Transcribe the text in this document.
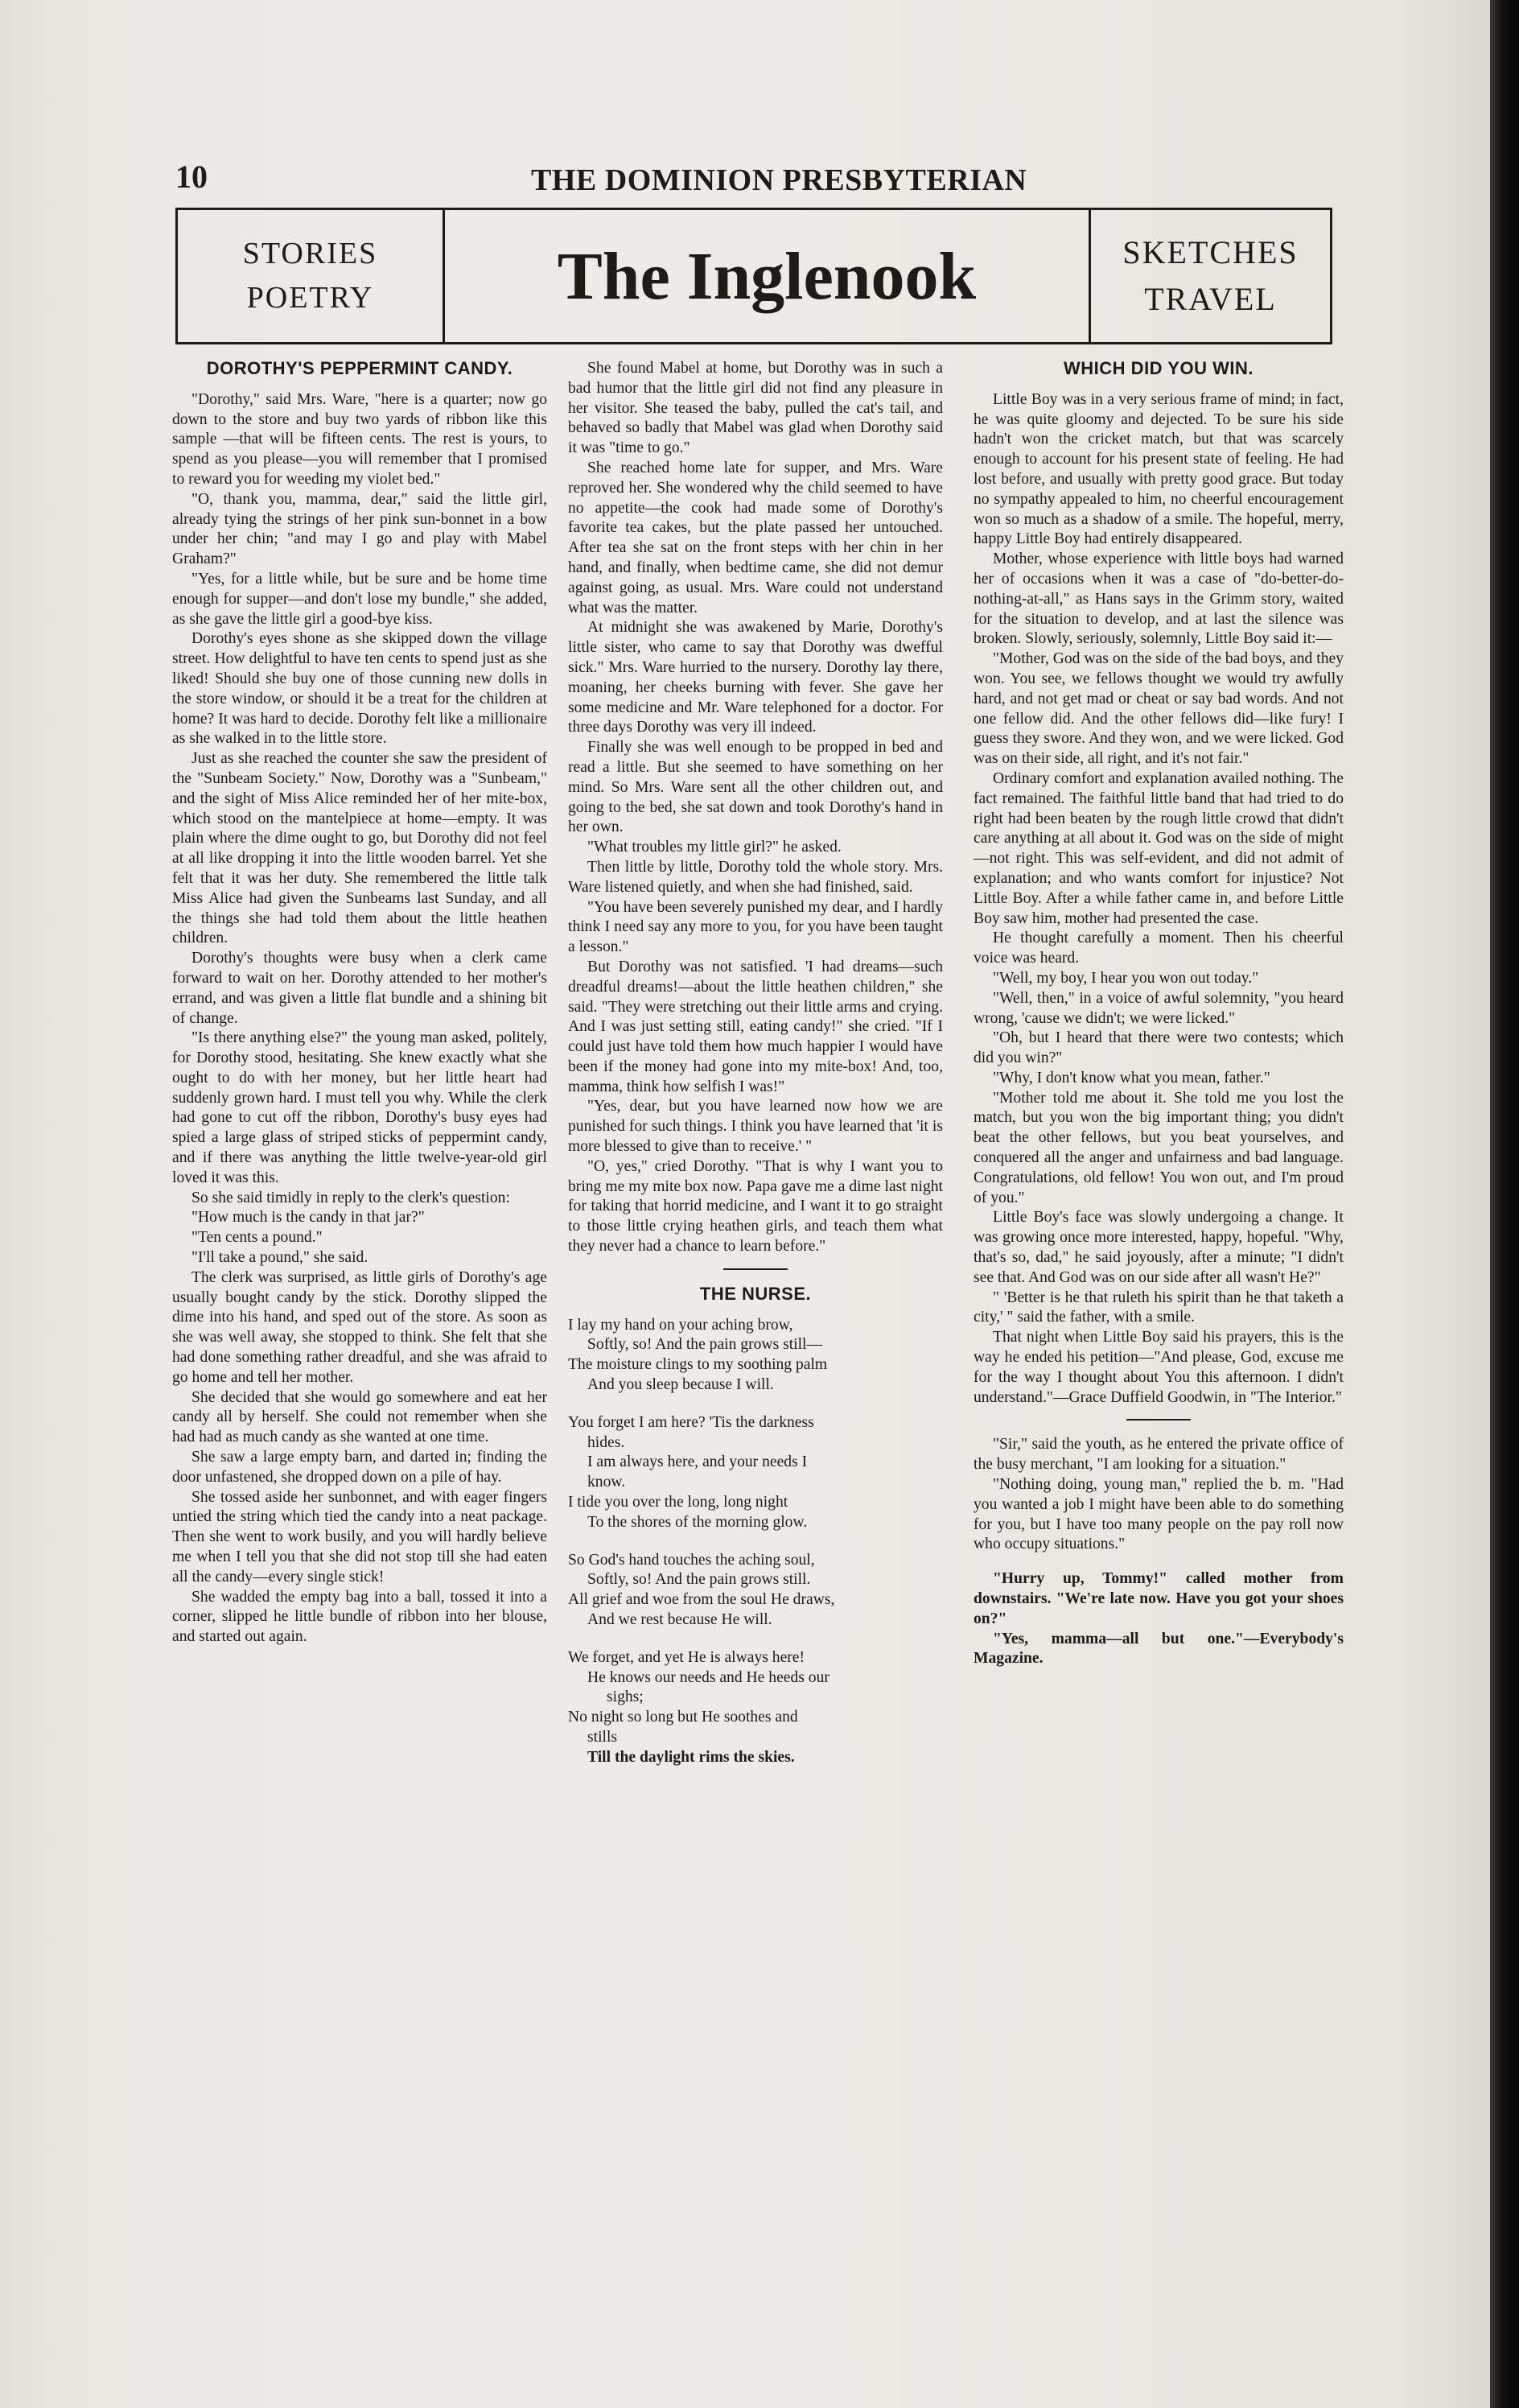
10	THE DOMINION PRESBYTERIAN
STORIES
POETRY	The Inglenook	SKETCHES
TRAVEL
DOROTHY'S PEPPERMINT CANDY.

"Dorothy," said Mrs. Ware, "here is a quarter; now go down to the store and buy two yards of ribbon like this sample —that will be fifteen cents. The rest is yours, to spend as you please—you will remember that I promised to reward you for weeding my violet bed."

"O, thank you, mamma, dear," said the little girl, already tying the strings of her pink sun-bonnet in a bow under her chin; "and may I go and play with Mabel Graham?"

"Yes, for a little while, but be sure and be home time enough for supper—and don't lose my bundle," she added, as she gave the little girl a good-bye kiss.

Dorothy's eyes shone as she skipped down the village street. How delightful to have ten cents to spend just as she liked! Should she buy one of those cunning new dolls in the store window, or should it be a treat for the children at home? It was hard to decide. Dorothy felt like a millionaire as she walked in to the little store.

Just as she reached the counter she saw the president of the "Sunbeam Society." Now, Dorothy was a "Sunbeam," and the sight of Miss Alice reminded her of her mite-box, which stood on the mantelpiece at home—empty. It was plain where the dime ought to go, but Dorothy did not feel at all like dropping it into the little wooden barrel. Yet she felt that it was her duty. She remembered the little talk Miss Alice had given the Sunbeams last Sunday, and all the things she had told them about the little heathen children.

Dorothy's thoughts were busy when a clerk came forward to wait on her. Dorothy attended to her mother's errand, and was given a little flat bundle and a shining bit of change.

"Is there anything else?" the young man asked, politely, for Dorothy stood, hesitating. She knew exactly what she ought to do with her money, but her little heart had suddenly grown hard. I must tell you why. While the clerk had gone to cut off the ribbon, Dorothy's busy eyes had spied a large glass of striped sticks of peppermint candy, and if there was anything the little twelve-year-old girl loved it was this.

So she said timidly in reply to the clerk's question:

"How much is the candy in that jar?"

"Ten cents a pound."

"I'll take a pound," she said.

The clerk was surprised, as little girls of Dorothy's age usually bought candy by the stick. Dorothy slipped the dime into his hand, and sped out of the store. As soon as she was well away, she stopped to think. She felt that she had done something rather dreadful, and she was afraid to go home and tell her mother.

She decided that she would go somewhere and eat her candy all by herself. She could not remember when she had had as much candy as she wanted at one time.

She saw a large empty barn, and darted in; finding the door unfastened, she dropped down on a pile of hay.

She tossed aside her sunbonnet, and with eager fingers untied the string which tied the candy into a neat package. Then she went to work busily, and you will hardly believe me when I tell you that she did not stop till she had eaten all the candy—every single stick!

She wadded the empty bag into a ball, tossed it into a corner, slipped he little bundle of ribbon into her blouse, and started out again.

She found Mabel at home, but Dorothy was in such a bad humor that the little girl did not find any pleasure in her visitor. She teased the baby, pulled the cat's tail, and behaved so badly that Mabel was glad when Dorothy said it was "time to go."

She reached home late for supper, and Mrs. Ware reproved her. She wondered why the child seemed to have no appetite—the cook had made some of Dorothy's favorite tea cakes, but the plate passed her untouched. After tea she sat on the front steps with her chin in her hand, and finally, when bedtime came, she did not demur against going, as usual. Mrs. Ware could not understand what was the matter.

At midnight she was awakened by Marie, Dorothy's little sister, who came to say that Dorothy was dwefful sick." Mrs. Ware hurried to the nursery. Dorothy lay there, moaning, her cheeks burning with fever. She gave her some medicine and Mr. Ware telephoned for a doctor. For three days Dorothy was very ill indeed.

Finally she was well enough to be propped in bed and read a little. But she seemed to have something on her mind. So Mrs. Ware sent all the other children out, and going to the bed, she sat down and took Dorothy's hand in her own.

"What troubles my little girl?" he asked.

Then little by little, Dorothy told the whole story. Mrs. Ware listened quietly, and when she had finished, said.

"You have been severely punished my dear, and I hardly think I need say any more to you, for you have been taught a lesson."

But Dorothy was not satisfied. 'I had dreams—such dreadful dreams!—about the little heathen children," she said. "They were stretching out their little arms and crying. And I was just setting still, eating candy!" she cried. "If I could just have told them how much happier I would have been if the money had gone into my mite-box! And, too, mamma, think how selfish I was!"

"Yes, dear, but you have learned now how we are punished for such things. I think you have learned that 'it is more blessed to give than to receive.' "

"O, yes," cried Dorothy. "That is why I want you to bring me my mite box now. Papa gave me a dime last night for taking that horrid medicine, and I want it to go straight to those little crying heathen girls, and teach them what they never had a chance to learn before."

THE NURSE.
I lay my hand on your aching brow,
Softly, so! And the pain grows still—
The moisture clings to my soothing palm
And you sleep because I will.
You forget I am here? 'Tis the darkness
hides.
I am always here, and your needs I
know.
I tide you over the long, long night
To the shores of the morning glow.
So God's hand touches the aching soul,
Softly, so! And the pain grows still.
All grief and woe from the soul He draws,
And we rest because He will.
We forget, and yet He is always here!
He knows our needs and He heeds our
sighs;
No night so long but He soothes and
stills
Till the daylight rims the skies.
WHICH DID YOU WIN.

Little Boy was in a very serious frame of mind; in fact, he was quite gloomy and dejected. To be sure his side hadn't won the cricket match, but that was scarcely enough to account for his present state of feeling. He had lost before, and usually with pretty good grace. But today no sympathy appealed to him, no cheerful encouragement won so much as a shadow of a smile. The hopeful, merry, happy Little Boy had entirely disappeared.

Mother, whose experience with little boys had warned her of occasions when it was a case of "do-better-do-nothing-at-all," as Hans says in the Grimm story, waited for the situation to develop, and at last the silence was broken. Slowly, seriously, solemnly, Little Boy said it:—

"Mother, God was on the side of the bad boys, and they won. You see, we fellows thought we would try awfully hard, and not get mad or cheat or say bad words. And not one fellow did. And the other fellows did—like fury! I guess they swore. And they won, and we were licked. God was on their side, all right, and it's not fair."

Ordinary comfort and explanation availed nothing. The fact remained. The faithful little band that had tried to do right had been beaten by the rough little crowd that didn't care anything at all about it. God was on the side of might—not right. This was self-evident, and did not admit of explanation; and who wants comfort for injustice? Not Little Boy. After a while father came in, and before Little Boy saw him, mother had presented the case.

He thought carefully a moment. Then his cheerful voice was heard.

"Well, my boy, I hear you won out today."

"Well, then," in a voice of awful solemnity, "you heard wrong, 'cause we didn't; we were licked."

"Oh, but I heard that there were two contests; which did you win?"

"Why, I don't know what you mean, father."

"Mother told me about it. She told me you lost the match, but you won the big important thing; you didn't beat the other fellows, but you beat yourselves, and conquered all the anger and unfairness and bad language. Congratulations, old fellow! You won out, and I'm proud of you."

Little Boy's face was slowly undergoing a change. It was growing once more interested, happy, hopeful. "Why, that's so, dad," he said joyously, after a minute; "I didn't see that. And God was on our side after all wasn't He?"

" 'Better is he that ruleth his spirit than he that taketh a city,' " said the father, with a smile.

That night when Little Boy said his prayers, this is the way he ended his petition—"And please, God, excuse me for the way I thought about You this afternoon. I didn't understand."—Grace Duffield Goodwin, in "The Interior."

"Sir," said the youth, as he entered the private office of the busy merchant, "I am looking for a situation."

"Nothing doing, young man," replied the b. m. "Had you wanted a job I might have been able to do something for you, but I have too many people on the pay roll now who occupy situations."

"Hurry up, Tommy!" called mother from downstairs. "We're late now. Have you got your shoes on?"

"Yes, mamma—all but one."—Everybody's Magazine.
